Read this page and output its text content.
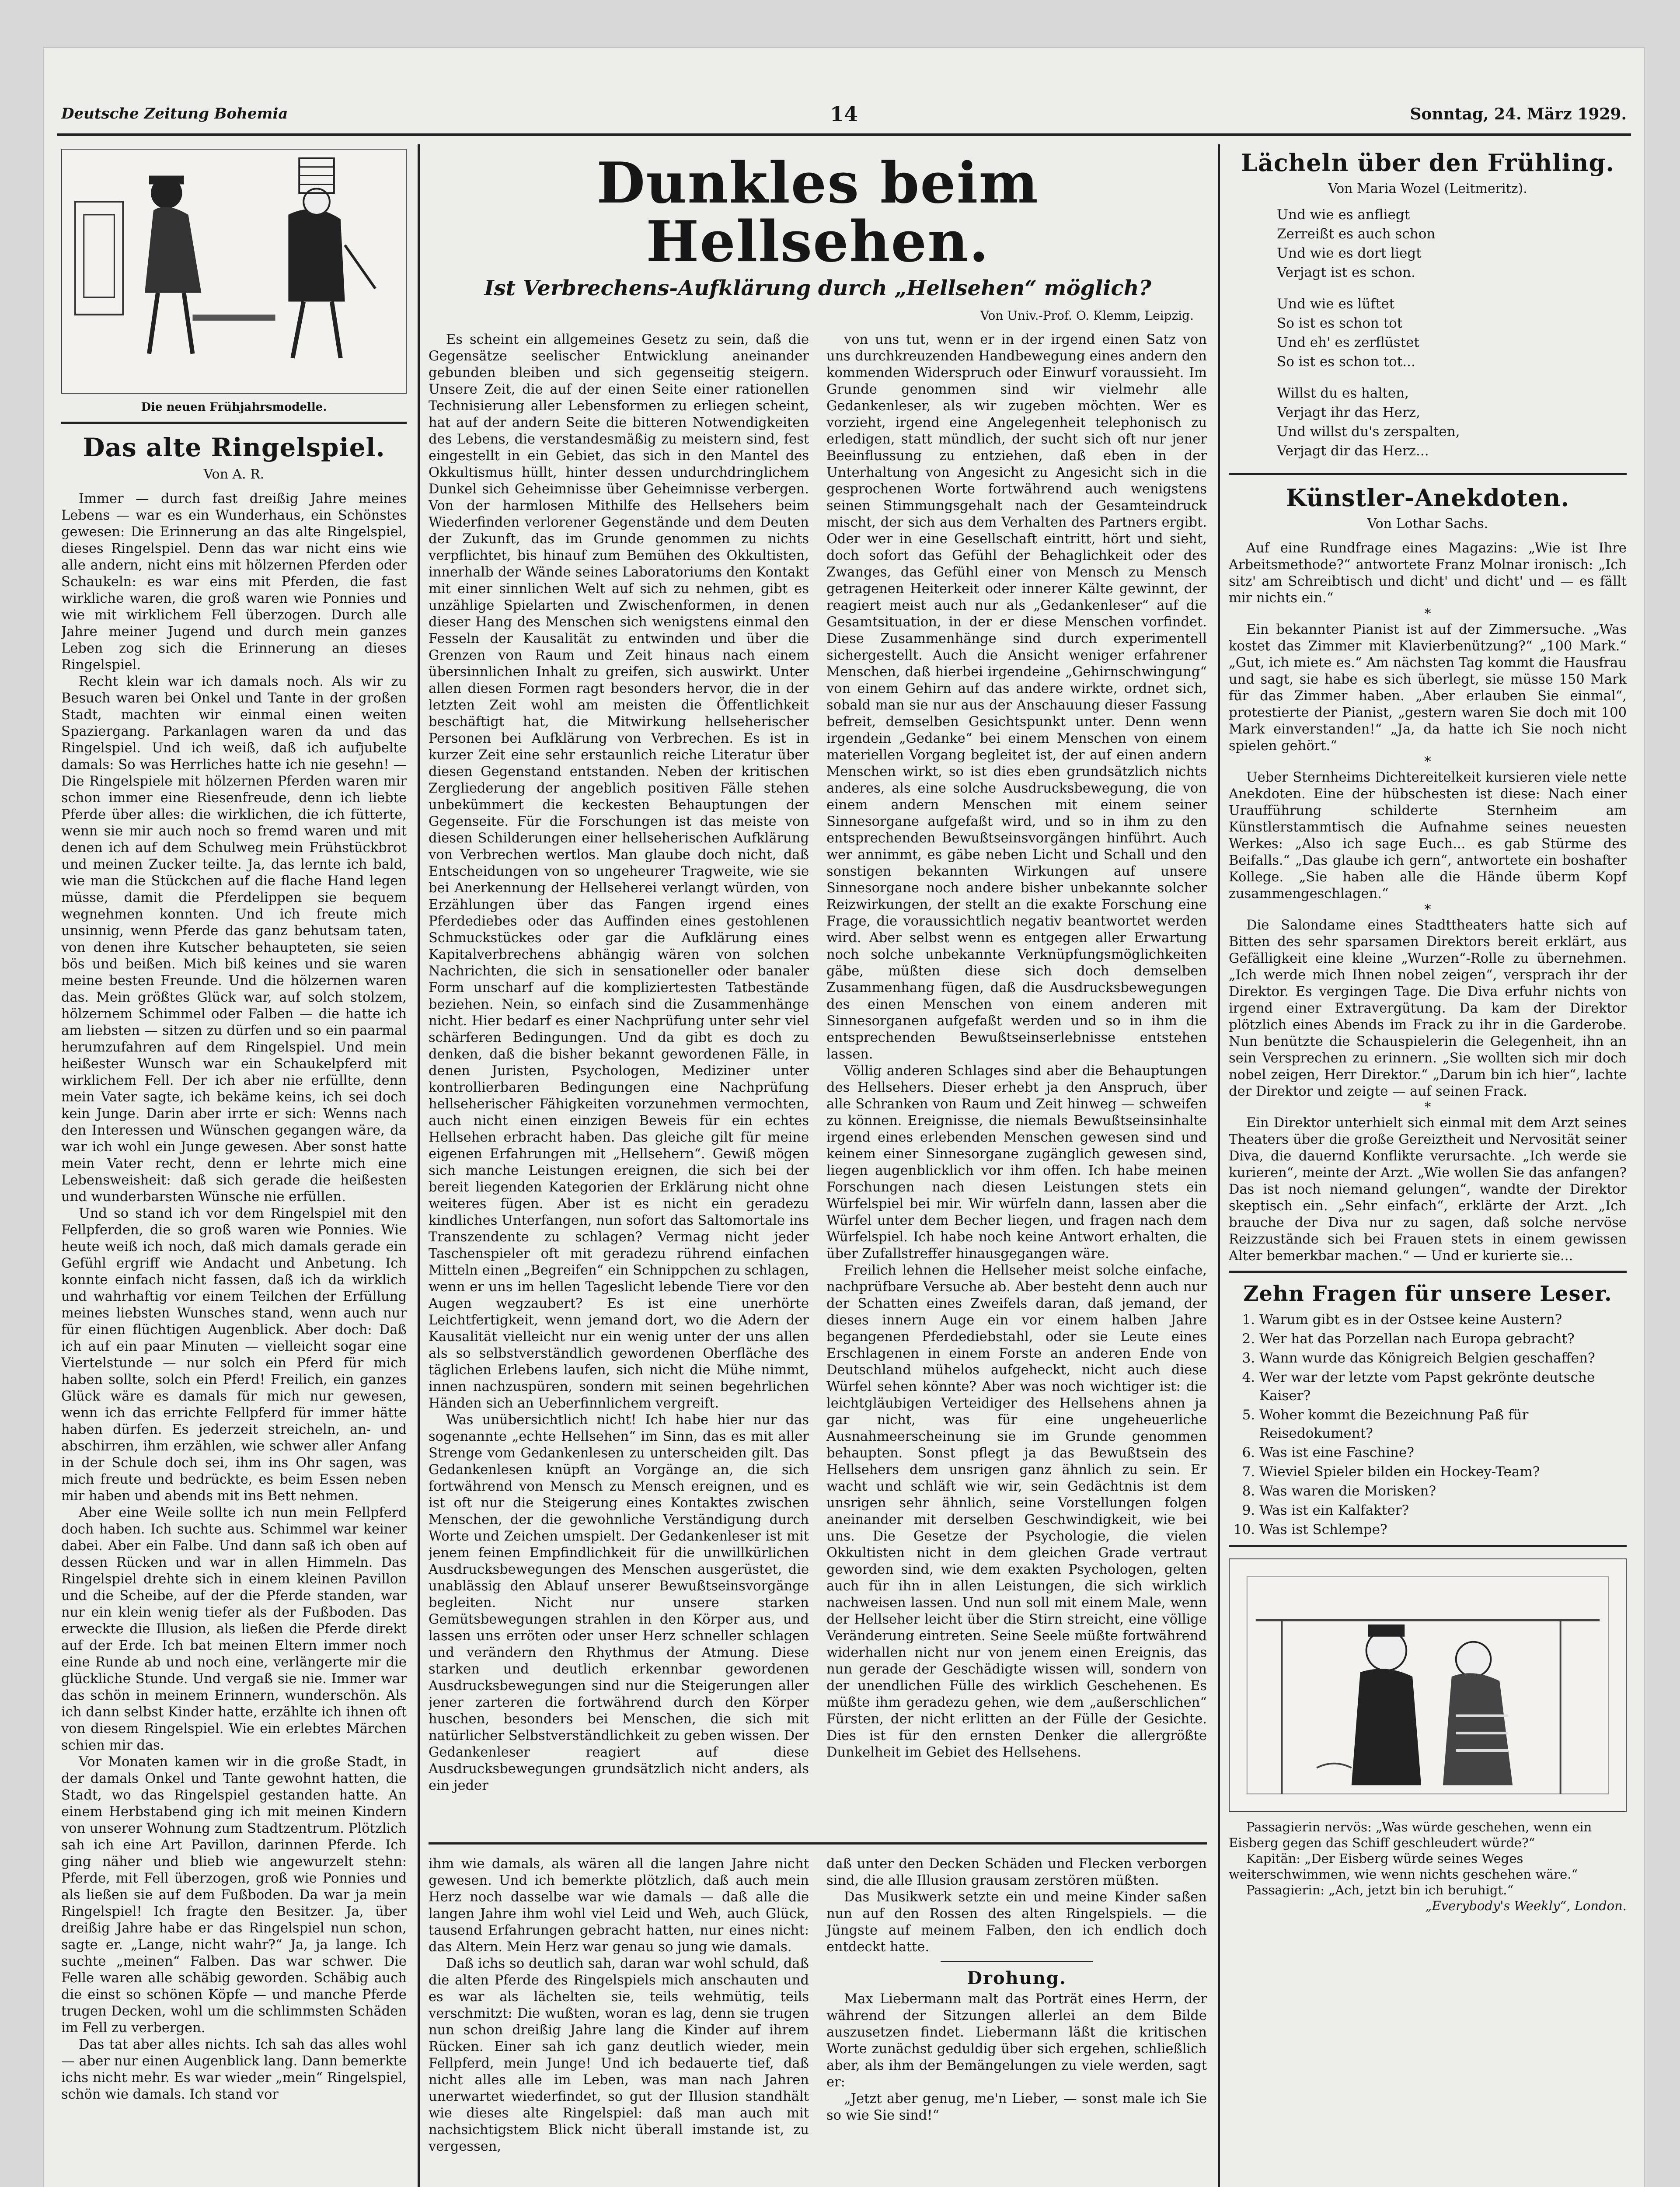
Deutsche Zeitung Bohemia	14	Sonntag, 24. März 1929.
Die neuen Frühjahrsmodelle.
Das alte Ringelspiel.
Von A. R.

Immer — durch fast dreißig Jahre meines Lebens — war es ein Wunderhaus, ein Schönstes gewesen: Die Erinnerung an das alte Ringelspiel, dieses Ringelspiel. Denn das war nicht eins wie alle andern, nicht eins mit hölzernen Pferden oder Schaukeln: es war eins mit Pferden, die fast wirkliche waren, die groß waren wie Ponnies und wie mit wirklichem Fell überzogen. Durch alle Jahre meiner Jugend und durch mein ganzes Leben zog sich die Erinnerung an dieses Ringelspiel.

Recht klein war ich damals noch. Als wir zu Besuch waren bei Onkel und Tante in der großen Stadt, machten wir einmal einen weiten Spaziergang. Parkanlagen waren da und das Ringelspiel. Und ich weiß, daß ich aufjubelte damals: So was Herrliches hatte ich nie gesehn! — Die Ringelspiele mit hölzernen Pferden waren mir schon immer eine Riesenfreude, denn ich liebte Pferde über alles: die wirklichen, die ich fütterte, wenn sie mir auch noch so fremd waren und mit denen ich auf dem Schulweg mein Frühstückbrot und meinen Zucker teilte. Ja, das lernte ich bald, wie man die Stückchen auf die flache Hand legen müsse, damit die Pferdelippen sie bequem wegnehmen konnten. Und ich freute mich unsinnig, wenn Pferde das ganz behutsam taten, von denen ihre Kutscher behaupteten, sie seien bös und beißen. Mich biß keines und sie waren meine besten Freunde. Und die hölzernen waren das. Mein größtes Glück war, auf solch stolzem, hölzernem Schimmel oder Falben — die hatte ich am liebsten — sitzen zu dürfen und so ein paarmal herumzufahren auf dem Ringelspiel. Und mein heißester Wunsch war ein Schaukelpferd mit wirklichem Fell. Der ich aber nie erfüllte, denn mein Vater sagte, ich bekäme keins, ich sei doch kein Junge. Darin aber irrte er sich: Wenns nach den Interessen und Wünschen gegangen wäre, da war ich wohl ein Junge gewesen. Aber sonst hatte mein Vater recht, denn er lehrte mich eine Lebensweisheit: daß sich gerade die heißesten und wunderbarsten Wünsche nie erfüllen.

Und so stand ich vor dem Ringelspiel mit den Fellpferden, die so groß waren wie Ponnies. Wie heute weiß ich noch, daß mich damals gerade ein Gefühl ergriff wie Andacht und Anbetung. Ich konnte einfach nicht fassen, daß ich da wirklich und wahrhaftig vor einem Teilchen der Erfüllung meines liebsten Wunsches stand, wenn auch nur für einen flüchtigen Augenblick. Aber doch: Daß ich auf ein paar Minuten — vielleicht sogar eine Viertelstunde — nur solch ein Pferd für mich haben sollte, solch ein Pferd! Freilich, ein ganzes Glück wäre es damals für mich nur gewesen, wenn ich das errichte Fellpferd für immer hätte haben dürfen. Es jederzeit streicheln, an- und abschirren, ihm erzählen, wie schwer aller Anfang in der Schule doch sei, ihm ins Ohr sagen, was mich freute und bedrückte, es beim Essen neben mir haben und abends mit ins Bett nehmen.

Aber eine Weile sollte ich nun mein Fellpferd doch haben. Ich suchte aus. Schimmel war keiner dabei. Aber ein Falbe. Und dann saß ich oben auf dessen Rücken und war in allen Himmeln. Das Ringelspiel drehte sich in einem kleinen Pavillon und die Scheibe, auf der die Pferde standen, war nur ein klein wenig tiefer als der Fußboden. Das erweckte die Illusion, als ließen die Pferde direkt auf der Erde. Ich bat meinen Eltern immer noch eine Runde ab und noch eine, verlängerte mir die glückliche Stunde. Und vergaß sie nie. Immer war das schön in meinem Erinnern, wunderschön. Als ich dann selbst Kinder hatte, erzählte ich ihnen oft von diesem Ringelspiel. Wie ein erlebtes Märchen schien mir das.

Vor Monaten kamen wir in die große Stadt, in der damals Onkel und Tante gewohnt hatten, die Stadt, wo das Ringelspiel gestanden hatte. An einem Herbstabend ging ich mit meinen Kindern von unserer Wohnung zum Stadtzentrum. Plötzlich sah ich eine Art Pavillon, darinnen Pferde. Ich ging näher und blieb wie angewurzelt stehn: Pferde, mit Fell überzogen, groß wie Ponnies und als ließen sie auf dem Fußboden. Da war ja mein Ringelspiel! Ich fragte den Besitzer. Ja, über dreißig Jahre habe er das Ringelspiel nun schon, sagte er. „Lange, nicht wahr?“ Ja, ja lange. Ich suchte „meinen“ Falben. Das war schwer. Die Felle waren alle schäbig geworden. Schäbig auch die einst so schönen Köpfe — und manche Pferde trugen Decken, wohl um die schlimmsten Schäden im Fell zu verbergen.

Das tat aber alles nichts. Ich sah das alles wohl — aber nur einen Augenblick lang. Dann bemerkte ichs nicht mehr. Es war wieder „mein“ Ringelspiel, schön wie damals. Ich stand vor

Dunkles beim Hellsehen.
Ist Verbrechens-Aufklärung durch „Hellsehen“ möglich?
Von Univ.-Prof. O. Klemm, Leipzig.

Es scheint ein allgemeines Gesetz zu sein, daß die Gegensätze seelischer Entwicklung aneinander gebunden bleiben und sich gegenseitig steigern. Unsere Zeit, die auf der einen Seite einer rationellen Technisierung aller Lebensformen zu erliegen scheint, hat auf der andern Seite die bitteren Notwendigkeiten des Lebens, die verstandesmäßig zu meistern sind, fest eingestellt in ein Gebiet, das sich in den Mantel des Okkultismus hüllt, hinter dessen undurchdringlichem Dunkel sich Geheimnisse über Geheimnisse verbergen. Von der harmlosen Mithilfe des Hellsehers beim Wiederfinden verlorener Gegenstände und dem Deuten der Zukunft, das im Grunde genommen zu nichts verpflichtet, bis hinauf zum Bemühen des Okkultisten, innerhalb der Wände seines Laboratoriums den Kontakt mit einer sinnlichen Welt auf sich zu nehmen, gibt es unzählige Spielarten und Zwischenformen, in denen dieser Hang des Menschen sich wenigstens einmal den Fesseln der Kausalität zu entwinden und über die Grenzen von Raum und Zeit hinaus nach einem übersinnlichen Inhalt zu greifen, sich auswirkt. Unter allen diesen Formen ragt besonders hervor, die in der letzten Zeit wohl am meisten die Öffentlichkeit beschäftigt hat, die Mitwirkung hellseherischer Personen bei Aufklärung von Verbrechen. Es ist in kurzer Zeit eine sehr erstaunlich reiche Literatur über diesen Gegenstand entstanden. Neben der kritischen Zergliederung der angeblich positiven Fälle stehen unbekümmert die keckesten Behauptungen der Gegenseite. Für die Forschungen ist das meiste von diesen Schilderungen einer hellseherischen Aufklärung von Verbrechen wertlos. Man glaube doch nicht, daß Entscheidungen von so ungeheurer Tragweite, wie sie bei Anerkennung der Hellseherei verlangt würden, von Erzählungen über das Fangen irgend eines Pferdediebes oder das Auffinden eines gestohlenen Schmuckstückes oder gar die Aufklärung eines Kapitalverbrechens abhängig wären von solchen Nachrichten, die sich in sensationeller oder banaler Form unscharf auf die kompliziertesten Tatbestände beziehen. Nein, so einfach sind die Zusammenhänge nicht. Hier bedarf es einer Nachprüfung unter sehr viel schärferen Bedingungen. Und da gibt es doch zu denken, daß die bisher bekannt gewordenen Fälle, in denen Juristen, Psychologen, Mediziner unter kontrollierbaren Bedingungen eine Nachprüfung hellseherischer Fähigkeiten vorzunehmen vermochten, auch nicht einen einzigen Beweis für ein echtes Hellsehen erbracht haben. Das gleiche gilt für meine eigenen Erfahrungen mit „Hellsehern“. Gewiß mögen sich manche Leistungen ereignen, die sich bei der bereit liegenden Kategorien der Erklärung nicht ohne weiteres fügen. Aber ist es nicht ein geradezu kindliches Unterfangen, nun sofort das Saltomortale ins Transzendente zu schlagen? Vermag nicht jeder Taschenspieler oft mit geradezu rührend einfachen Mitteln einen „Begreifen“ ein Schnippchen zu schlagen, wenn er uns im hellen Tageslicht lebende Tiere vor den Augen wegzaubert? Es ist eine unerhörte Leichtfertigkeit, wenn jemand dort, wo die Adern der Kausalität vielleicht nur ein wenig unter der uns allen als so selbstverständlich gewordenen Oberfläche des täglichen Erlebens laufen, sich nicht die Mühe nimmt, innen nachzuspüren, sondern mit seinen begehrlichen Händen sich an Ueberfinnlichem vergreift.

Was unübersichtlich nicht! Ich habe hier nur das sogenannte „echte Hellsehen“ im Sinn, das es mit aller Strenge vom Gedankenlesen zu unterscheiden gilt. Das Gedankenlesen knüpft an Vorgänge an, die sich fortwährend von Mensch zu Mensch ereignen, und es ist oft nur die Steigerung eines Kontaktes zwischen Menschen, der die gewohnliche Verständigung durch Worte und Zeichen umspielt. Der Gedankenleser ist mit jenem feinen Empfindlichkeit für die unwillkürlichen Ausdrucksbewegungen des Menschen ausgerüstet, die unablässig den Ablauf unserer Bewußtseinsvorgänge begleiten. Nicht nur unsere starken Gemütsbewegungen strahlen in den Körper aus, und lassen uns erröten oder unser Herz schneller schlagen und verändern den Rhythmus der Atmung. Diese starken und deutlich erkennbar gewordenen Ausdrucksbewegungen sind nur die Steigerungen aller jener zarteren die fortwährend durch den Körper huschen, besonders bei Menschen, die sich mit natürlicher Selbstverständlichkeit zu geben wissen. Der Gedankenleser reagiert auf diese Ausdrucksbewegungen grundsätzlich nicht anders, als ein jeder

von uns tut, wenn er in der irgend einen Satz von uns durchkreuzenden Handbewegung eines andern den kommenden Widerspruch oder Einwurf voraussieht. Im Grunde genommen sind wir vielmehr alle Gedankenleser, als wir zugeben möchten. Wer es vorzieht, irgend eine Angelegenheit telephonisch zu erledigen, statt mündlich, der sucht sich oft nur jener Beeinflussung zu entziehen, daß eben in der Unterhaltung von Angesicht zu Angesicht sich in die gesprochenen Worte fortwährend auch wenigstens seinen Stimmungsgehalt nach der Gesamteindruck mischt, der sich aus dem Verhalten des Partners ergibt. Oder wer in eine Gesellschaft eintritt, hört und sieht, doch sofort das Gefühl der Behaglichkeit oder des Zwanges, das Gefühl einer von Mensch zu Mensch getragenen Heiterkeit oder innerer Kälte gewinnt, der reagiert meist auch nur als „Gedankenleser“ auf die Gesamtsituation, in der er diese Menschen vorfindet. Diese Zusammenhänge sind durch experimentell sichergestellt. Auch die Ansicht weniger erfahrener Menschen, daß hierbei irgendeine „Gehirnschwingung“ von einem Gehirn auf das andere wirkte, ordnet sich, sobald man sie nur aus der Anschauung dieser Fassung befreit, demselben Gesichtspunkt unter. Denn wenn irgendein „Gedanke“ bei einem Menschen von einem materiellen Vorgang begleitet ist, der auf einen andern Menschen wirkt, so ist dies eben grundsätzlich nichts anderes, als eine solche Ausdrucksbewegung, die von einem andern Menschen mit einem seiner Sinnesorgane aufgefaßt wird, und so in ihm zu den entsprechenden Bewußtseinsvorgängen hinführt. Auch wer annimmt, es gäbe neben Licht und Schall und den sonstigen bekannten Wirkungen auf unsere Sinnesorgane noch andere bisher unbekannte solcher Reizwirkungen, der stellt an die exakte Forschung eine Frage, die voraussichtlich negativ beantwortet werden wird. Aber selbst wenn es entgegen aller Erwartung noch solche unbekannte Verknüpfungsmöglichkeiten gäbe, müßten diese sich doch demselben Zusammenhang fügen, daß die Ausdrucksbewegungen des einen Menschen von einem anderen mit Sinnesorganen aufgefaßt werden und so in ihm die entsprechenden Bewußtseinserlebnisse entstehen lassen.

Völlig anderen Schlages sind aber die Behauptungen des Hellsehers. Dieser erhebt ja den Anspruch, über alle Schranken von Raum und Zeit hinweg — schweifen zu können. Ereignisse, die niemals Bewußtseinsinhalte irgend eines erlebenden Menschen gewesen sind und keinem einer Sinnesorgane zugänglich gewesen sind, liegen augenblicklich vor ihm offen. Ich habe meinen Forschungen nach diesen Leistungen stets ein Würfelspiel bei mir. Wir würfeln dann, lassen aber die Würfel unter dem Becher liegen, und fragen nach dem Würfelspiel. Ich habe noch keine Antwort erhalten, die über Zufallstreffer hinausgegangen wäre.

Freilich lehnen die Hellseher meist solche einfache, nachprüfbare Versuche ab. Aber besteht denn auch nur der Schatten eines Zweifels daran, daß jemand, der dieses innern Auge ein vor einem halben Jahre begangenen Pferdediebstahl, oder sie Leute eines Erschlagenen in einem Forste an anderen Ende von Deutschland mühelos aufgeheckt, nicht auch diese Würfel sehen könnte? Aber was noch wichtiger ist: die leichtgläubigen Verteidiger des Hellsehens ahnen ja gar nicht, was für eine ungeheuerliche Ausnahmeerscheinung sie im Grunde genommen behaupten. Sonst pflegt ja das Bewußtsein des Hellsehers dem unsrigen ganz ähnlich zu sein. Er wacht und schläft wie wir, sein Gedächtnis ist dem unsrigen sehr ähnlich, seine Vorstellungen folgen aneinander mit derselben Geschwindigkeit, wie bei uns. Die Gesetze der Psychologie, die vielen Okkultisten nicht in dem gleichen Grade vertraut geworden sind, wie dem exakten Psychologen, gelten auch für ihn in allen Leistungen, die sich wirklich nachweisen lassen. Und nun soll mit einem Male, wenn der Hellseher leicht über die Stirn streicht, eine völlige Veränderung eintreten. Seine Seele müßte fortwährend widerhallen nicht nur von jenem einen Ereignis, das nun gerade der Geschädigte wissen will, sondern von der unendlichen Fülle des wirklich Geschehenen. Es müßte ihm geradezu gehen, wie dem „außerschlichen“ Fürsten, der nicht erlitten an der Fülle der Gesichte. Dies ist für den ernsten Denker die allergrößte Dunkelheit im Gebiet des Hellsehens.

ihm wie damals, als wären all die langen Jahre nicht gewesen. Und ich bemerkte plötzlich, daß auch mein Herz noch dasselbe war wie damals — daß alle die langen Jahre ihm wohl viel Leid und Weh, auch Glück, tausend Erfahrungen gebracht hatten, nur eines nicht: das Altern. Mein Herz war genau so jung wie damals.

Daß ichs so deutlich sah, daran war wohl schuld, daß die alten Pferde des Ringelspiels mich anschauten und es war als lächelten sie, teils wehmütig, teils verschmitzt: Die wußten, woran es lag, denn sie trugen nun schon dreißig Jahre lang die Kinder auf ihrem Rücken. Einer sah ich ganz deutlich wieder, mein Fellpferd, mein Junge! Und ich bedauerte tief, daß nicht alles alle im Leben, was man nach Jahren unerwartet wiederfindet, so gut der Illusion standhält wie dieses alte Ringelspiel: daß man auch mit nachsichtigstem Blick nicht überall imstande ist, zu vergessen,

daß unter den Decken Schäden und Flecken verborgen sind, die alle Illusion grausam zerstören müßten.

Das Musikwerk setzte ein und meine Kinder saßen nun auf den Rossen des alten Ringelspiels. — die Jüngste auf meinem Falben, den ich endlich doch entdeckt hatte.

Drohung.

Max Liebermann malt das Porträt eines Herrn, der während der Sitzungen allerlei an dem Bilde auszusetzen findet. Liebermann läßt die kritischen Worte zunächst geduldig über sich ergehen, schließlich aber, als ihm der Bemängelungen zu viele werden, sagt er:

„Jetzt aber genug, me'n Lieber, — sonst male ich Sie so wie Sie sind!“

Lächeln über den Frühling.
Von Maria Wozel (Leitmeritz).
Und wie es anfliegt
Zerreißt es auch schon
Und wie es dort liegt
Verjagt ist es schon.
Und wie es lüftet
So ist es schon tot
Und eh' es zerflüstet
So ist es schon tot...
Willst du es halten,
Verjagt ihr das Herz,
Und willst du's zerspalten,
Verjagt dir das Herz...
Künstler-Anekdoten.
Von Lothar Sachs.

Auf eine Rundfrage eines Magazins: „Wie ist Ihre Arbeitsmethode?“ antwortete Franz Molnar ironisch: „Ich sitz' am Schreibtisch und dicht' und dicht' und — es fällt mir nichts ein.“

*

Ein bekannter Pianist ist auf der Zimmersuche. „Was kostet das Zimmer mit Klavierbenützung?“ „100 Mark.“ „Gut, ich miete es.“ Am nächsten Tag kommt die Hausfrau und sagt, sie habe es sich überlegt, sie müsse 150 Mark für das Zimmer haben. „Aber erlauben Sie einmal“, protestierte der Pianist, „gestern waren Sie doch mit 100 Mark einverstanden!“ „Ja, da hatte ich Sie noch nicht spielen gehört.“

*

Ueber Sternheims Dichtereitelkeit kursieren viele nette Anekdoten. Eine der hübschesten ist diese: Nach einer Uraufführung schilderte Sternheim am Künstlerstammtisch die Aufnahme seines neuesten Werkes: „Also ich sage Euch... es gab Stürme des Beifalls.“ „Das glaube ich gern“, antwortete ein boshafter Kollege. „Sie haben alle die Hände überm Kopf zusammengeschlagen.“

*

Die Salondame eines Stadttheaters hatte sich auf Bitten des sehr sparsamen Direktors bereit erklärt, aus Gefälligkeit eine kleine „Wurzen“-Rolle zu übernehmen. „Ich werde mich Ihnen nobel zeigen“, versprach ihr der Direktor. Es vergingen Tage. Die Diva erfuhr nichts von irgend einer Extravergütung. Da kam der Direktor plötzlich eines Abends im Frack zu ihr in die Garderobe. Nun benützte die Schauspielerin die Gelegenheit, ihn an sein Versprechen zu erinnern. „Sie wollten sich mir doch nobel zeigen, Herr Direktor.“ „Darum bin ich hier“, lachte der Direktor und zeigte — auf seinen Frack.

*

Ein Direktor unterhielt sich einmal mit dem Arzt seines Theaters über die große Gereiztheit und Nervosität seiner Diva, die dauernd Konflikte verursachte. „Ich werde sie kurieren“, meinte der Arzt. „Wie wollen Sie das anfangen? Das ist noch niemand gelungen“, wandte der Direktor skeptisch ein. „Sehr einfach“, erklärte der Arzt. „Ich brauche der Diva nur zu sagen, daß solche nervöse Reizzustände sich bei Frauen stets in einem gewissen Alter bemerkbar machen.“ — Und er kurierte sie...

Zehn Fragen für unsere Leser.
1. Warum gibt es in der Ostsee keine Austern?
2. Wer hat das Porzellan nach Europa gebracht?
3. Wann wurde das Königreich Belgien geschaffen?
4. Wer war der letzte vom Papst gekrönte deutsche Kaiser?
5. Woher kommt die Bezeichnung Paß für Reisedokument?
6. Was ist eine Faschine?
7. Wieviel Spieler bilden ein Hockey-Team?
8. Was waren die Morisken?
9. Was ist ein Kalfakter?
10. Was ist Schlempe?

Passagierin nervös: „Was würde geschehen, wenn ein Eisberg gegen das Schiff geschleudert würde?“

Kapitän: „Der Eisberg würde seines Weges weiterschwimmen, wie wenn nichts geschehen wäre.“

Passagierin: „Ach, jetzt bin ich beruhigt.“

„Everybody's Weekly“, London.
